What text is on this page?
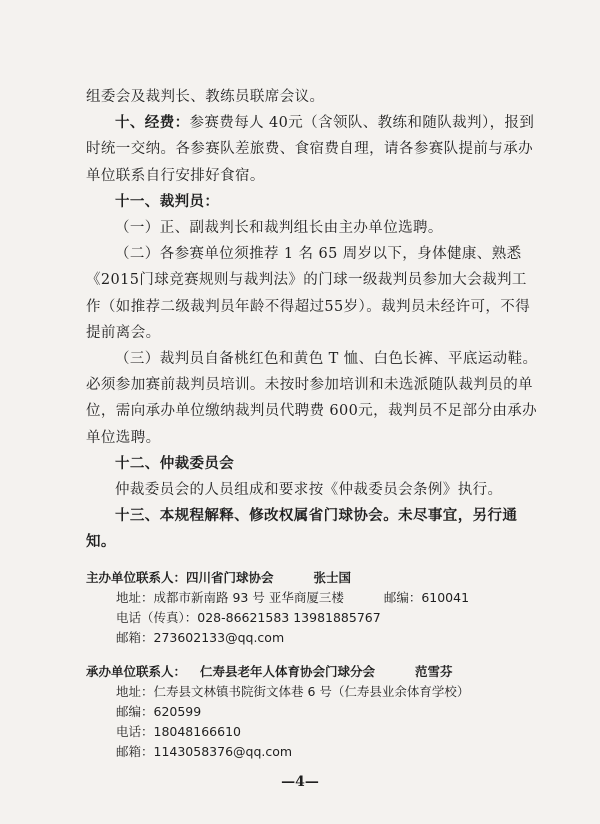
组委会及裁判长、教练员联席会议。

十、经费：参赛费每人 40元（含领队、教练和随队裁判），报到时统一交纳。各参赛队差旅费、食宿费自理，请各参赛队提前与承办单位联系自行安排好食宿。

十一、裁判员：

（一）正、副裁判长和裁判组长由主办单位选聘。

（二）各参赛单位须推荐 1 名 65 周岁以下，身体健康、熟悉《2015门球竞赛规则与裁判法》的门球一级裁判员参加大会裁判工作（如推荐二级裁判员年龄不得超过55岁）。裁判员未经许可，不得提前离会。

（三）裁判员自备桃红色和黄色 T 恤、白色长裤、平底运动鞋。必须参加赛前裁判员培训。未按时参加培训和未选派随队裁判员的单位，需向承办单位缴纳裁判员代聘费 600元，裁判员不足部分由承办单位选聘。

十二、仲裁委员会

仲裁委员会的人员组成和要求按《仲裁委员会条例》执行。

十三、本规程解释、修改权属省门球协会。未尽事宜，另行通知。

主办单位联系人：四川省门球协会	张士国
地址：成都市新南路 93 号 亚华商厦三楼	邮编：610041
电话（传真）：028-86621583 13981885767
邮箱：273602133@qq.com
承办单位联系人： 仁寿县老年人体育协会门球分会	范雪芬
地址：仁寿县文林镇书院街文体巷 6 号（仁寿县业余体育学校）
邮编：620599
电话：18048166610
邮箱：1143058376@qq.com
—4—
